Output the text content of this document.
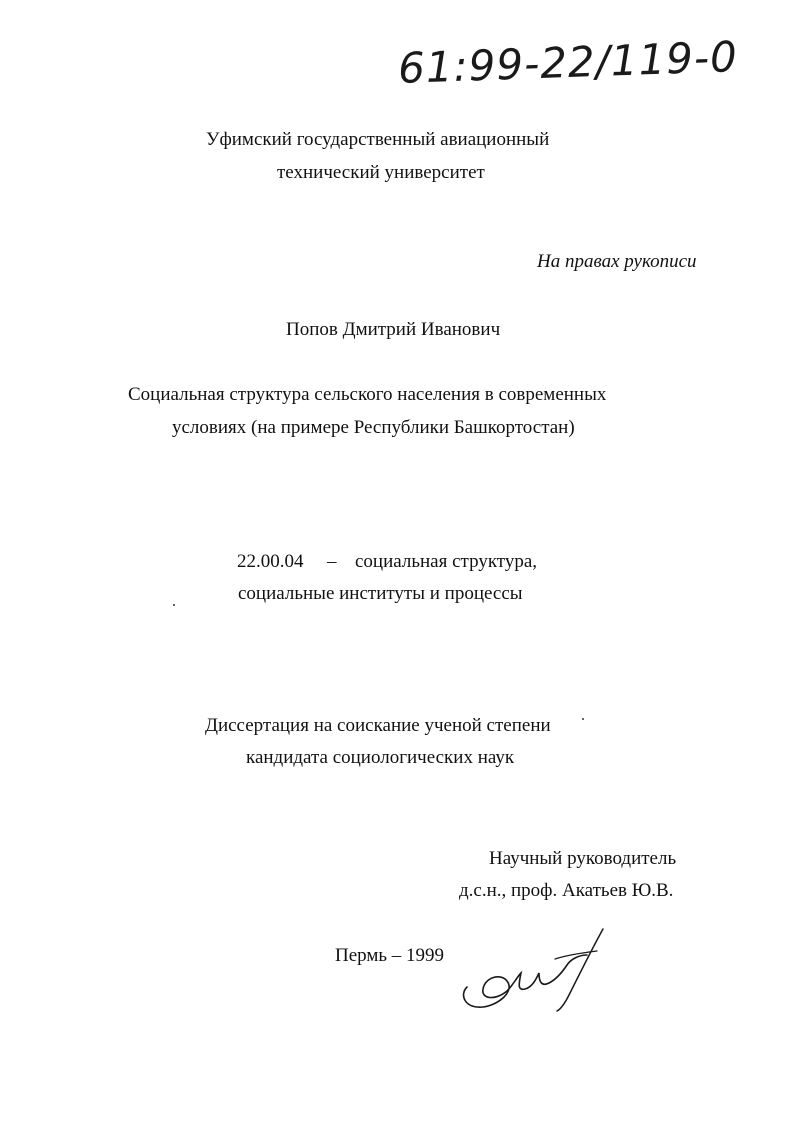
61:99-22/119-0
Уфимский государственный авиационный
технический университет
На правах рукописи
Попов Дмитрий Иванович
Социальная структура сельского населения в современных
условиях (на примере Республики Башкортостан)
22.00.04 – социальная структура,
социальные институты и процессы
Диссертация на соискание ученой степени
кандидата социологических наук
Научный руководитель
д.с.н., проф. Акатьев Ю.В.
Пермь – 1999
